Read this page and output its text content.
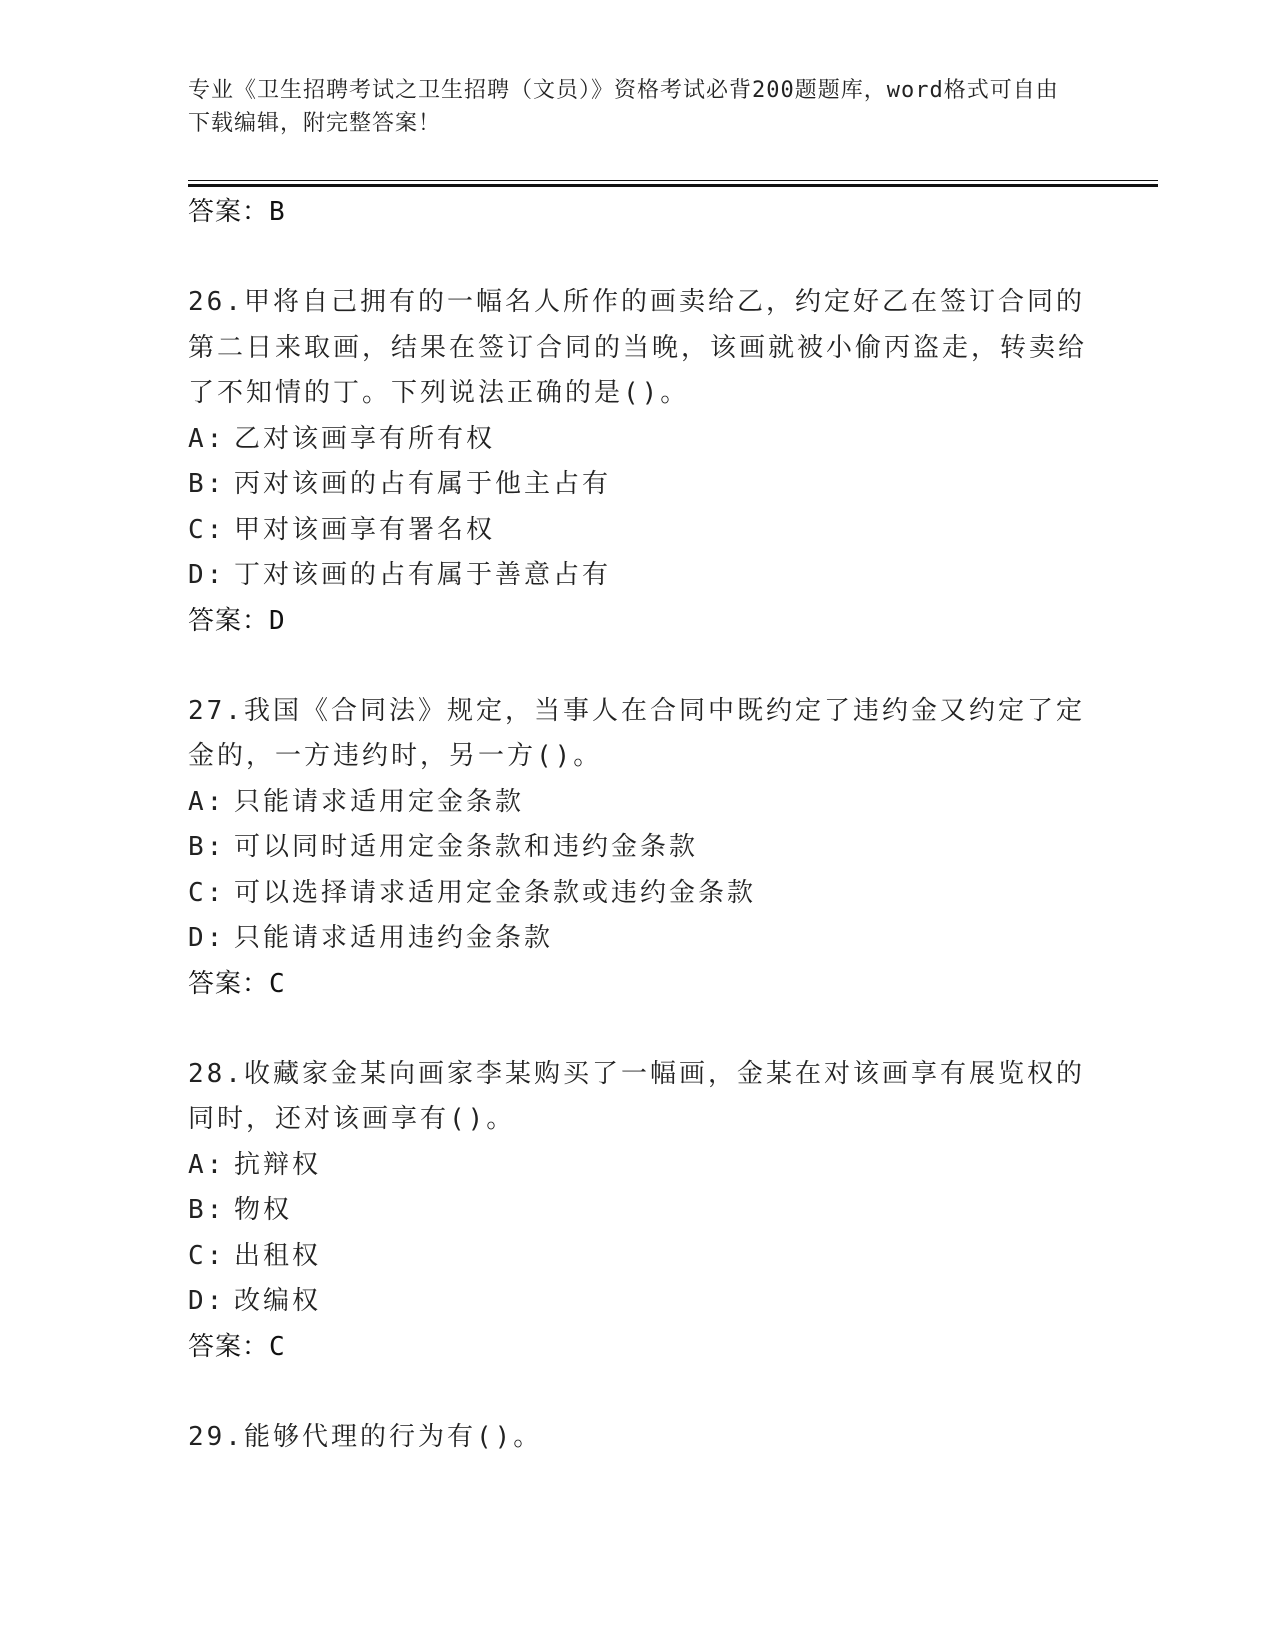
专业《卫生招聘考试之卫生招聘（文员）》资格考试必背200题题库，word格式可自由下载编辑，附完整答案！
答案：B
26.甲将自己拥有的一幅名人所作的画卖给乙，约定好乙在签订合同的第二日来取画，结果在签订合同的当晚，该画就被小偷丙盗走，转卖给了不知情的丁。下列说法正确的是()。
A: 乙对该画享有所有权
B: 丙对该画的占有属于他主占有
C: 甲对该画享有署名权
D: 丁对该画的占有属于善意占有
答案：D
27.我国《合同法》规定，当事人在合同中既约定了违约金又约定了定金的，一方违约时，另一方()。
A: 只能请求适用定金条款
B: 可以同时适用定金条款和违约金条款
C: 可以选择请求适用定金条款或违约金条款
D: 只能请求适用违约金条款
答案：C
28.收藏家金某向画家李某购买了一幅画，金某在对该画享有展览权的同时，还对该画享有()。
A: 抗辩权
B: 物权
C: 出租权
D: 改编权
答案：C
29.能够代理的行为有()。
